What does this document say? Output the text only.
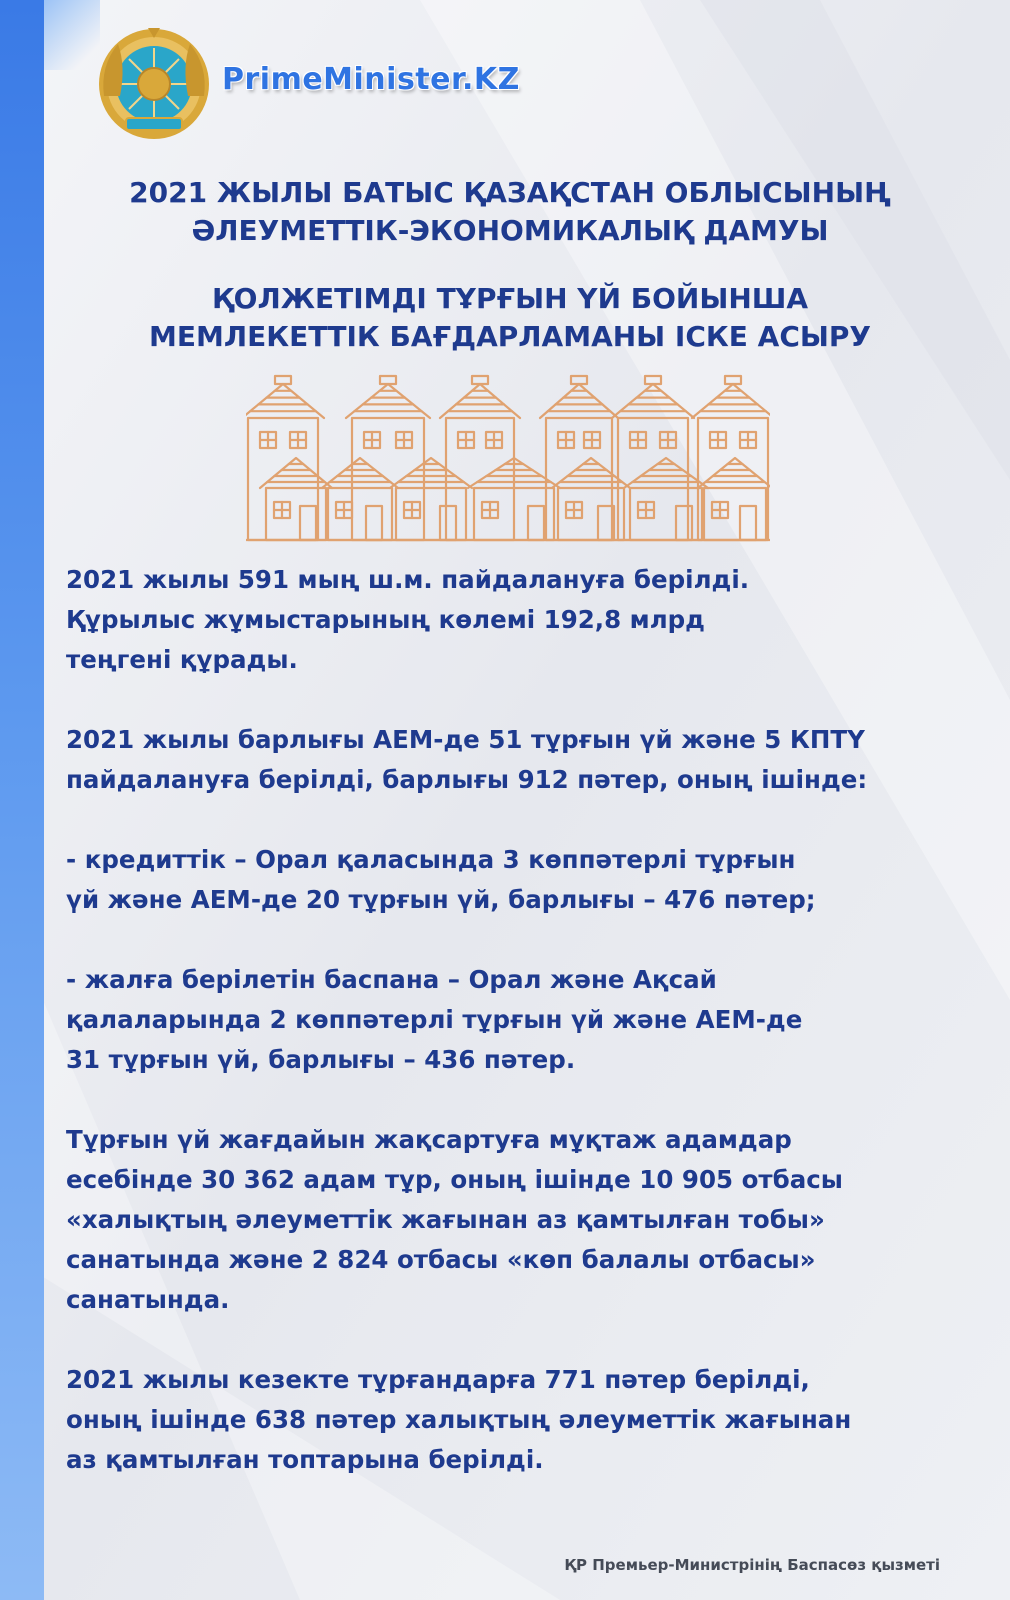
PrimeMinister.KZ
2021 ЖЫЛЫ БАТЫС ҚАЗАҚСТАН ОБЛЫСЫНЫҢ
ӘЛЕУМЕТТІК-ЭКОНОМИКАЛЫҚ ДАМУЫ
ҚОЛЖЕТІМДІ ТҰРҒЫН ҮЙ БОЙЫНША
МЕМЛЕКЕТТІК БАҒДАРЛАМАНЫ ІСКЕ АСЫРУ
2021 жылы 591 мың ш.м. пайдалануға берілді.
Құрылыс жұмыстарының көлемі 192,8 млрд
теңгені құрады.
2021 жылы барлығы АЕМ-де 51 тұрғын үй және 5 КПТҮ
пайдалануға берілді, барлығы 912 пәтер, оның ішінде:
- кредиттік – Орал қаласында 3 көппәтерлі тұрғын
үй және АЕМ-де 20 тұрғын үй, барлығы – 476 пәтер;
- жалға берілетін баспана – Орал және Ақсай
қалаларында 2 көппәтерлі тұрғын үй және АЕМ-де
31 тұрғын үй, барлығы – 436 пәтер.
Тұрғын үй жағдайын жақсартуға мұқтаж адамдар
есебінде 30 362 адам тұр, оның ішінде 10 905 отбасы
«халықтың әлеуметтік жағынан аз қамтылған тобы»
санатында және 2 824 отбасы «көп балалы отбасы»
санатында.
2021 жылы кезекте тұрғандарға 771 пәтер берілді,
оның ішінде 638 пәтер халықтың әлеуметтік жағынан
аз қамтылған топтарына берілді.
ҚР Премьер-Министрінің Баспасөз қызметі
